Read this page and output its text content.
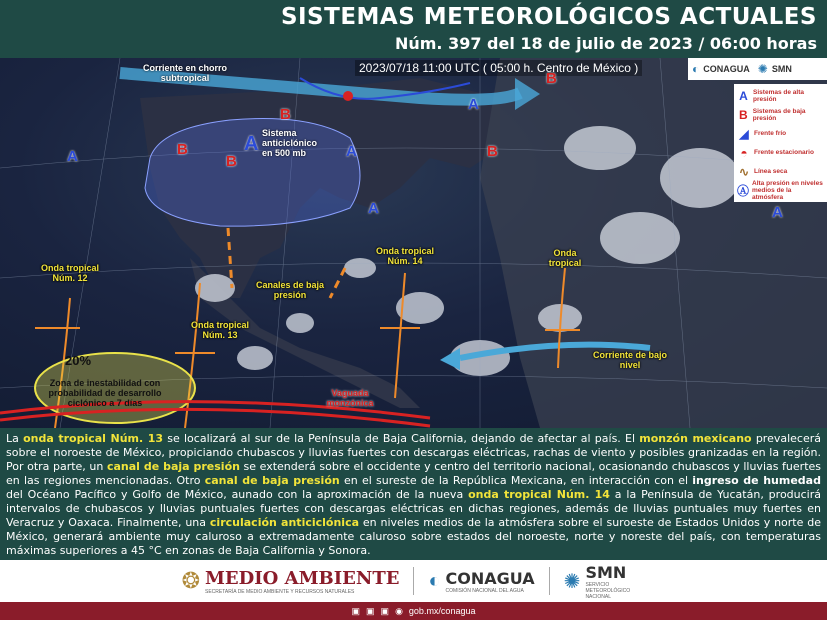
SISTEMAS METEOROLÓGICOS ACTUALES
Núm. 397 del 18 de julio de 2023 / 06:00 horas
2023/07/18 11:00 UTC ( 05:00 h. Centro de México )	◐ CONAGUA ✺ SMN
A Sistemas de alta presión
B Sistemas de baja presión
◢ Frente frío
◓ Frente estacionario
∿ Línea seca
Ⓐ
Alta presión en niveles medios de la atmósfera
Corriente en chorro subtropical
Sistema anticiclónico en 500 mb
Onda tropical Núm. 12
Onda tropical Núm. 13
Onda tropical Núm. 14
Onda tropical
Canales de baja presión
Corriente de bajo nivel
Vaguada monzónica
20%
Zona de inestabilidad con probabilidad de desarrollo ciclónico a 7 días
B
B
B
B
B
A
A	A
A
A
A

La onda tropical Núm. 13 se localizará al sur de la Península de Baja California, dejando de afectar al país. El monzón mexicano prevalecerá sobre el noroeste de México, propiciando chubascos y lluvias fuertes con descargas eléctricas, rachas de viento y posibles granizadas en la región. Por otra parte, un canal de baja presión se extenderá sobre el occidente y centro del territorio nacional, ocasionando chubascos y lluvias fuertes en las regiones mencionadas. Otro canal de baja presión en el sureste de la República Mexicana, en interacción con el ingreso de humedad del Océano Pacífico y Golfo de México, aunado con la aproximación de la nueva onda tropical Núm. 14 a la Península de Yucatán, producirá intervalos de chubascos y lluvias puntuales fuertes con descargas eléctricas en dichas regiones, además de lluvias puntuales muy fuertes en Veracruz y Oaxaca. Finalmente, una circulación anticiclónica en niveles medios de la atmósfera sobre el suroeste de Estados Unidos y norte de México, generará ambiente muy caluroso a extremadamente caluroso sobre estados del noroeste, norte y noreste del país, con temperaturas máximas superiores a 45 °C en zonas de Baja California y Sonora.

❂ MEDIO AMBIENTE
SECRETARÍA DE MEDIO AMBIENTE Y RECURSOS NATURALES	◐ CONAGUA
COMISIÓN NACIONAL DEL AGUA	✺ SMN
SERVICIO METEOROLÓGICO NACIONAL
▣ ▣ ▣ ◉ gob.mx/conagua
